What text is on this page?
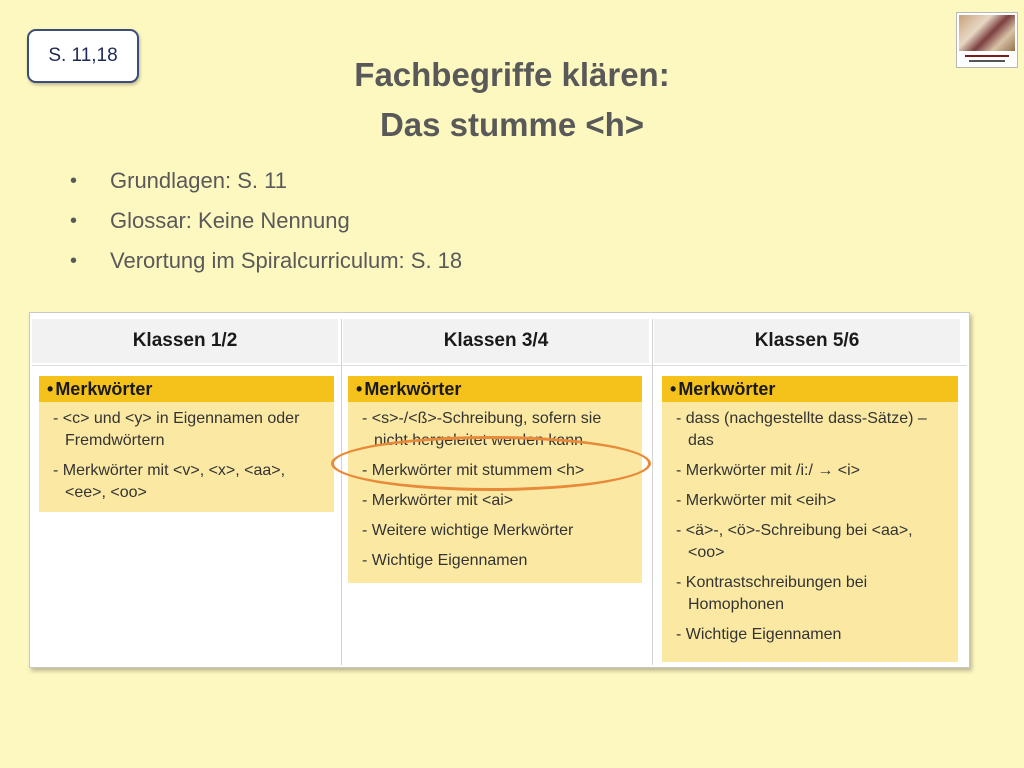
S. 11,18
Fachbegriffe klären:
Das stumme <h>
• Grundlagen: S. 11
• Glossar: Keine Nennung
• Verortung im Spiralcurriculum: S. 18
Klassen 1/2	Klassen 3/4	Klassen 5/6
• Merkwörter
- <c> und <y> in Eigennamen oder Fremdwörtern
- Merkwörter mit <v>, <x>, <aa>, <ee>, <oo>
• Merkwörter
- <s>-/<ß>-Schreibung, sofern sie nicht hergeleitet werden kann
- Merkwörter mit stummem <h>
- Merkwörter mit <ai>
- Weitere wichtige Merkwörter
- Wichtige Eigennamen
• Merkwörter
- dass (nachgestellte dass-Sätze) – das
- Merkwörter mit /i:/ → <i>
- Merkwörter mit <eih>
- <ä>-, <ö>-Schreibung bei <aa>, <oo>
- Kontrastschreibungen bei Homophonen
- Wichtige Eigennamen
